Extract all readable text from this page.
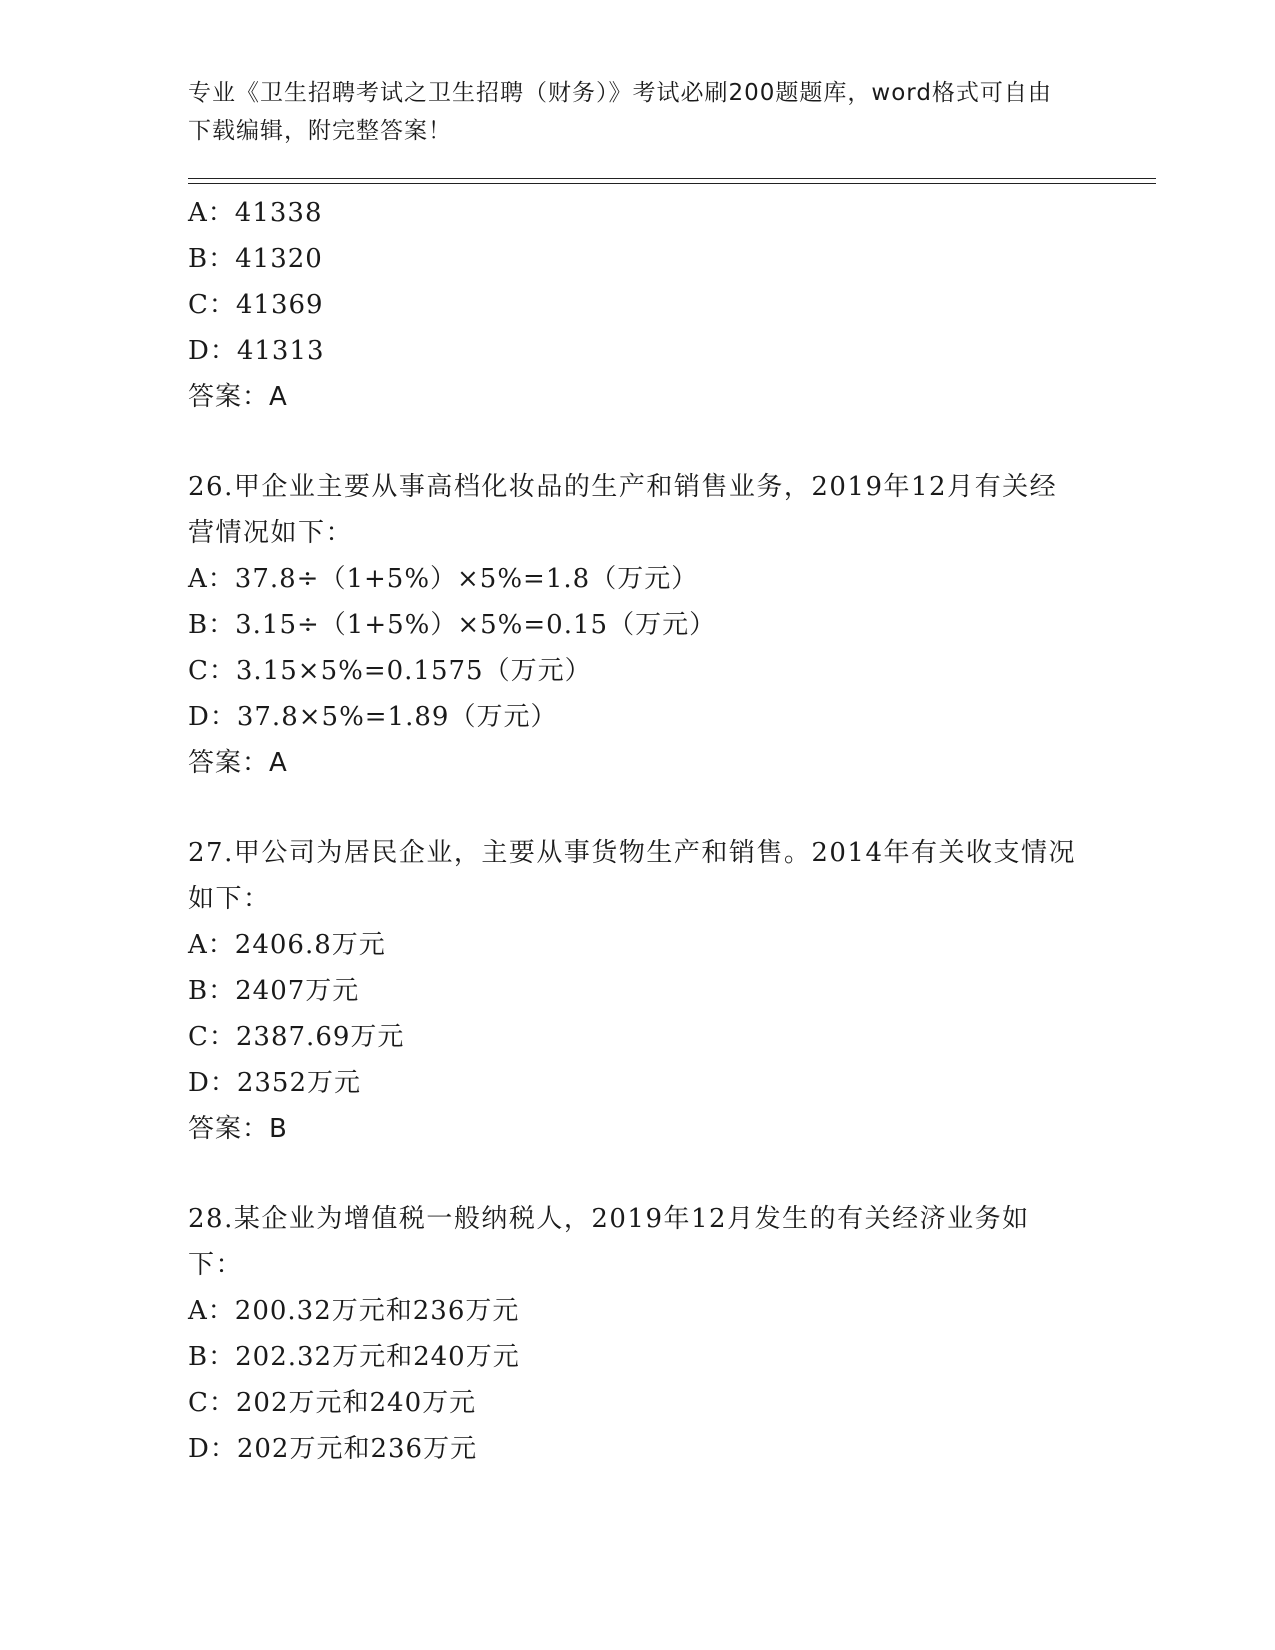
专业《卫生招聘考试之卫生招聘（财务）》考试必刷200题题库，word格式可自由下载编辑，附完整答案！
A：41338
B：41320
C：41369
D：41313
答案：A
26.甲企业主要从事高档化妆品的生产和销售业务，2019年12月有关经营情况如下：
A：37.8÷（1+5%）×5%=1.8（万元）
B：3.15÷（1+5%）×5%=0.15（万元）
C：3.15×5%=0.1575（万元）
D：37.8×5%=1.89（万元）
答案：A
27.甲公司为居民企业，主要从事货物生产和销售。2014年有关收支情况如下：
A：2406.8万元
B：2407万元
C：2387.69万元
D：2352万元
答案：B
28.某企业为增值税一般纳税人，2019年12月发生的有关经济业务如下：
A：200.32万元和236万元
B：202.32万元和240万元
C：202万元和240万元
D：202万元和236万元
